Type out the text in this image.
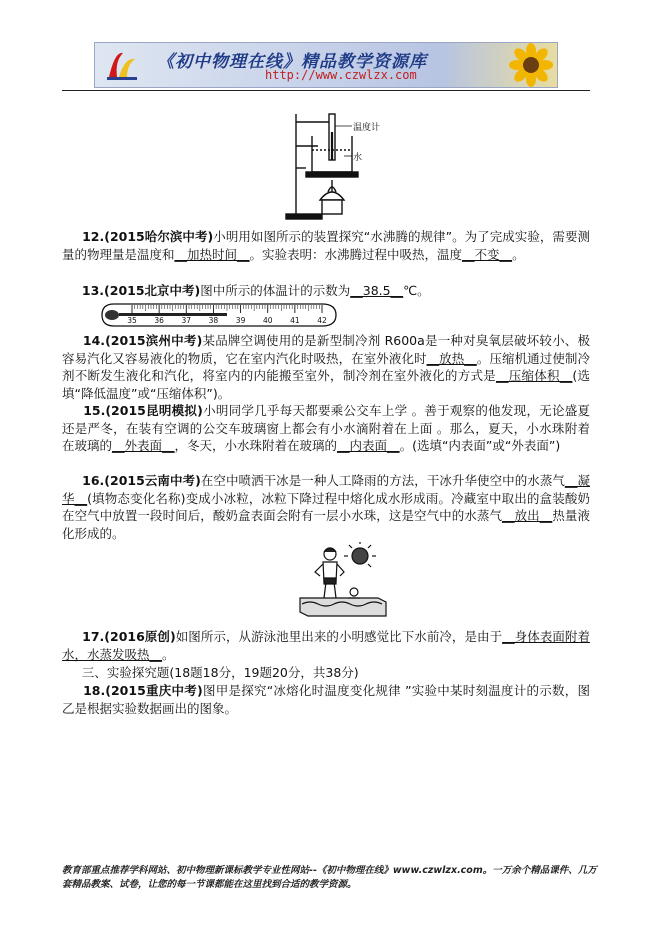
《初中物理在线》精品教学资源库
http://www.czwlzx.com
温度计
水
12.(2015哈尔滨中考)小明用如图所示的装置探究“水沸腾的规律”。为了完成实验，需要测量的物理量是温度和__加热时间__。实验表明：水沸腾过程中吸热，温度__不变__。
13.(2015北京中考)图中所示的体温计的示数为__38.5__℃。
35 36 37 38 39 40 41 42
14.(2015滨州中考)某品牌空调使用的是新型制冷剂 R600a是一种对臭氧层破坏较小、极容易汽化又容易液化的物质，它在室内汽化时吸热，在室外液化时__放热__。压缩机通过使制冷剂不断发生液化和汽化，将室内的内能搬至室外，制冷剂在室外液化的方式是__压缩体积__(选填“降低温度”或“压缩体积”)。
15.(2015昆明模拟)小明同学几乎每天都要乘公交车上学 。善于观察的他发现，无论盛夏还是严冬，在装有空调的公交车玻璃窗上都会有小水滴附着在上面 。那么，夏天，小水珠附着在玻璃的__外表面__，冬天，小水珠附着在玻璃的__内表面__。(选填“内表面”或“外表面”)
16.(2015云南中考)在空中喷洒干冰是一种人工降雨的方法，干冰升华使空中的水蒸气__凝华__(填物态变化名称)变成小冰粒，冰粒下降过程中熔化成水形成雨。冷藏室中取出的盒装酸奶在空气中放置一段时间后，酸奶盒表面会附有一层小水珠，这是空气中的水蒸气__放出__热量液化形成的。
17.(2016原创)如图所示，从游泳池里出来的小明感觉比下水前冷，是由于__身体表面附着水，水蒸发吸热__。
三、实验探究题(18题18分，19题20分，共38分)
18.(2015重庆中考)图甲是探究“冰熔化时温度变化规律 ”实验中某时刻温度计的示数，图乙是根据实验数据画出的图象。
教育部重点推荐学科网站、初中物理新课标教学专业性网站--《初中物理在线》www.czwlzx.com。一万余个精品课件、几万套精品教案、试卷，让您的每一节课都能在这里找到合适的教学资源。
